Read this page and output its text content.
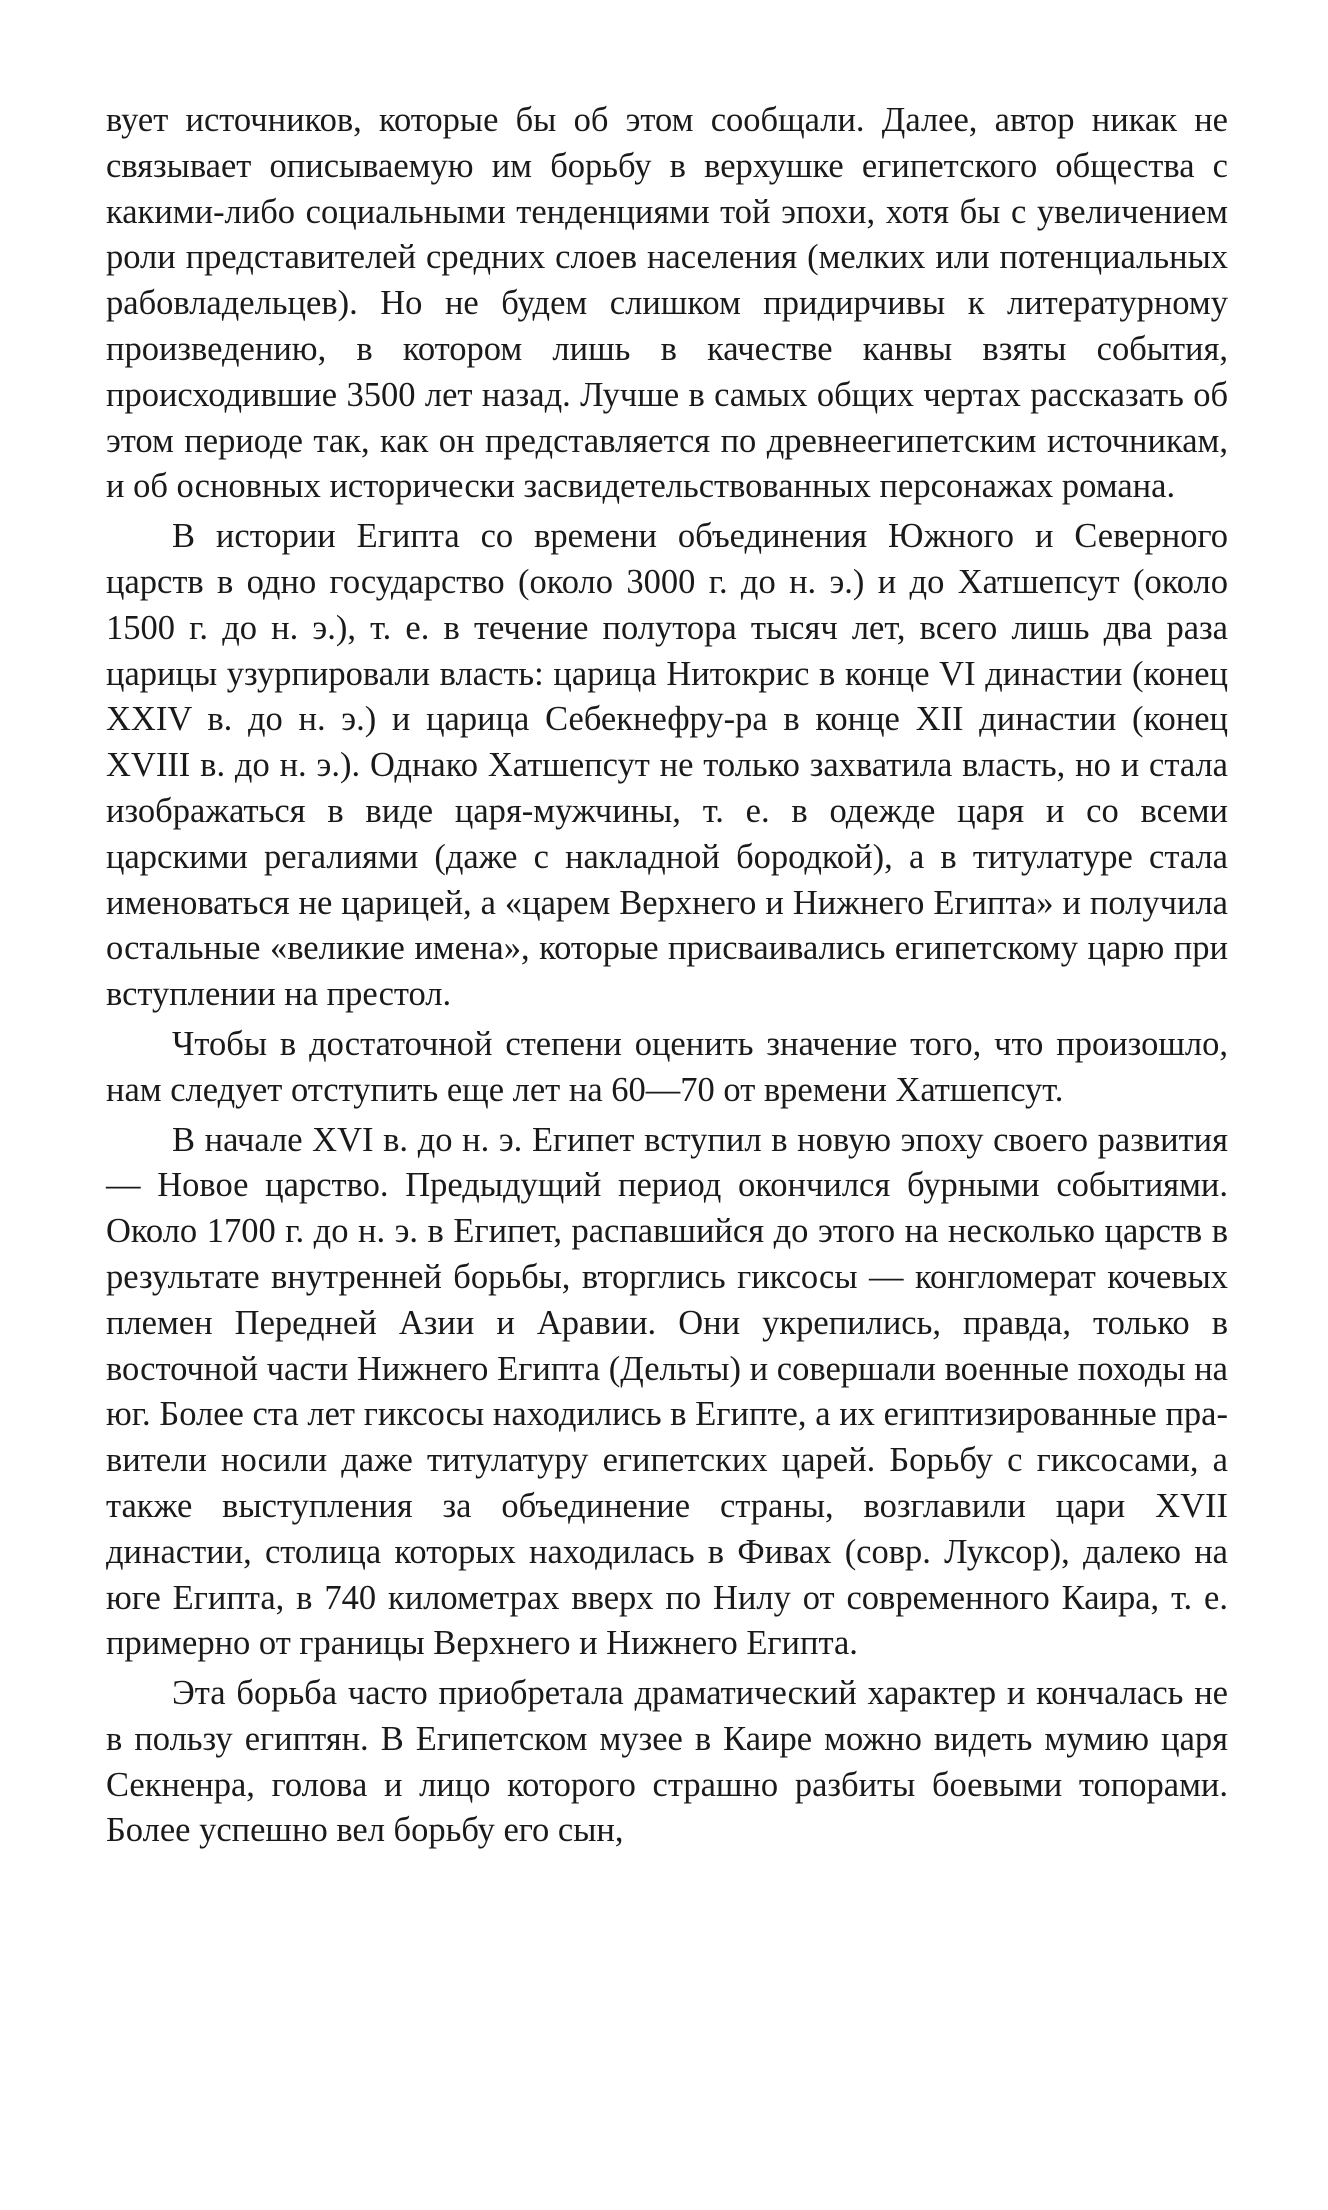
вует источников, которые бы об этом сообщали. Далее, автор никак не связывает описываемую им борьбу в верхушке египетского общества с какими-либо социальными тенденциями той эпохи, хотя бы с увеличением роли представителей средних слоев населения (мелких или потенциальных рабовладельцев). Но не будем слишком придирчивы к литературному произведению, в котором лишь в качестве канвы взяты события, происходившие 3500 лет назад. Лучше в самых общих чертах рассказать об этом периоде так, как он представляется по древнеегипетским источникам, и об основных исторически засвидетельствованных персонажах романа.

В истории Египта со времени объединения Южного и Северного царств в одно государство (около 3000 г. до н. э.) и до Хатшепсут (около 1500 г. до н. э.), т. е. в течение полутора тысяч лет, всего лишь два раза царицы узурпировали власть: царица Нитокрис в конце VI династии (конец XXIV в. до н. э.) и царица Себекнефру-ра в конце XII династии (конец XVIII в. до н. э.). Однако Хатшепсут не только захватила власть, но и стала изображаться в виде царя-мужчины, т. е. в одежде царя и со всеми царскими регалиями (даже с накладной бородкой), а в титулатуре стала именоваться не царицей, а «царем Верхнего и Нижнего Египта» и получила остальные «великие имена», которые присваивались египетскому царю при вступлении на престол.

Чтобы в достаточной степени оценить значение того, что произошло, нам следует отступить еще лет на 60—70 от времени Хатшепсут.

В начале XVI в. до н. э. Египет вступил в новую эпоху своего развития — Новое царство. Предыдущий период окончился бурными событиями. Около 1700 г. до н. э. в Египет, распавшийся до этого на несколько царств в результате внутренней борьбы, вторглись гиксосы — конгломерат кочевых племен Передней Азии и Аравии. Они укрепились, правда, только в восточной части Нижнего Египта (Дельты) и совершали военные походы на юг. Более ста лет гиксосы находились в Египте, а их египтизированные правители носили даже титулатуру египетских царей. Борьбу с гиксосами, а также выступления за объединение страны, возглавили цари XVII династии, столица которых находилась в Фивах (совр. Луксор), далеко на юге Египта, в 740 километрах вверх по Нилу от современного Каира, т. е. примерно от границы Верхнего и Нижнего Египта.

Эта борьба часто приобретала драматический характер и кончалась не в пользу египтян. В Египетском музее в Каире можно видеть мумию царя Секненра, голова и лицо которого страшно разбиты боевыми топорами. Более успешно вел борьбу его сын,
